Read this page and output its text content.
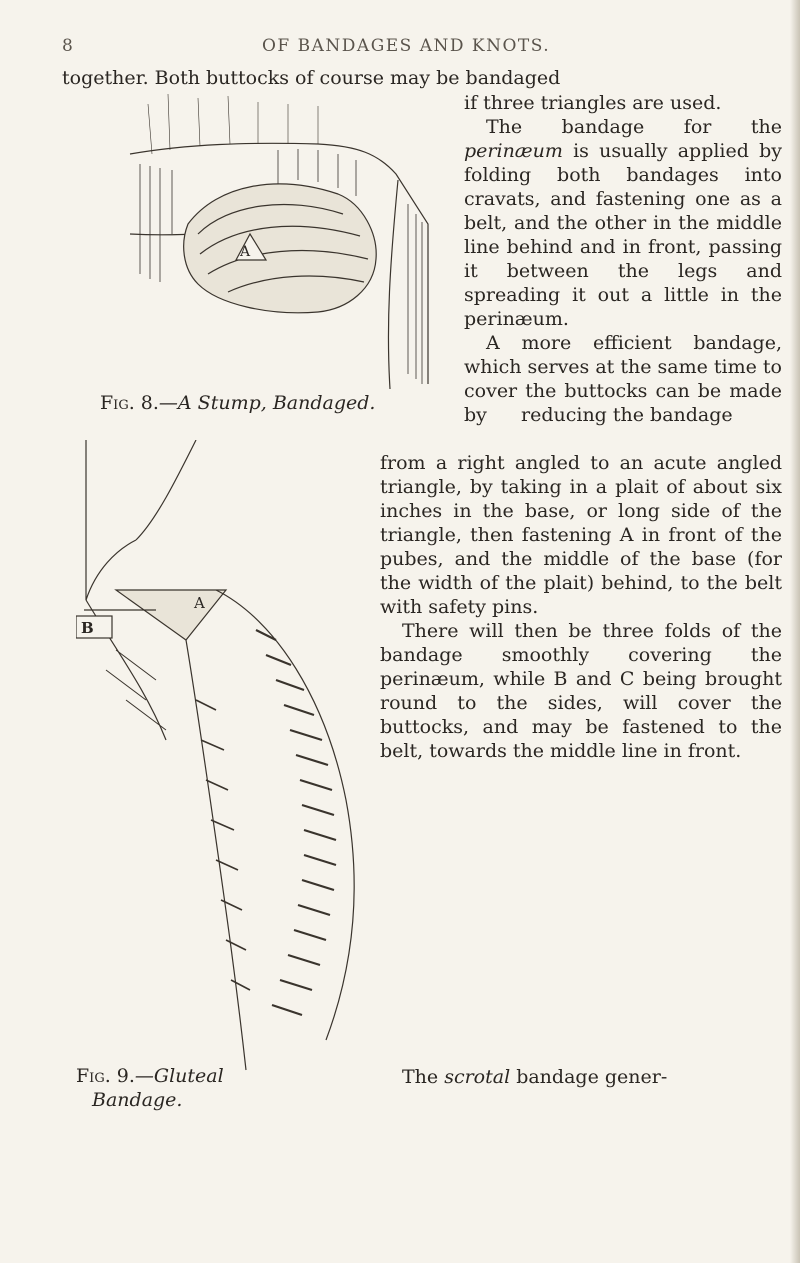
8	OF BANDAGES AND KNOTS.
together. Both buttocks of course may be bandaged
A
Fig. 8.—A Stump, Bandaged.

if three triangles are used.

The bandage for the perinæum is usually applied by folding both bandages into cravats, and fastening one as a belt, and the other in the middle line behind and in front, passing it between the legs and spreading it out a little in the perinæum.

A more efficient bandage, which serves at the same time to cover the buttocks can be made by	reducing the bandage
B
A

from a right angled to an acute angled triangle, by taking in a plait of about six inches in the base, or long side of the triangle, then fastening A in front of the pubes, and the middle of the base (for the width of the plait) behind, to the belt with safety pins.

There will then be three folds of the bandage smoothly covering the perinæum, while B and C being brought round to the sides, will cover the buttocks, and may be fastened to the belt, towards the middle line in front.

Fig. 9.—Gluteal
Bandage.

The scrotal bandage gener-
